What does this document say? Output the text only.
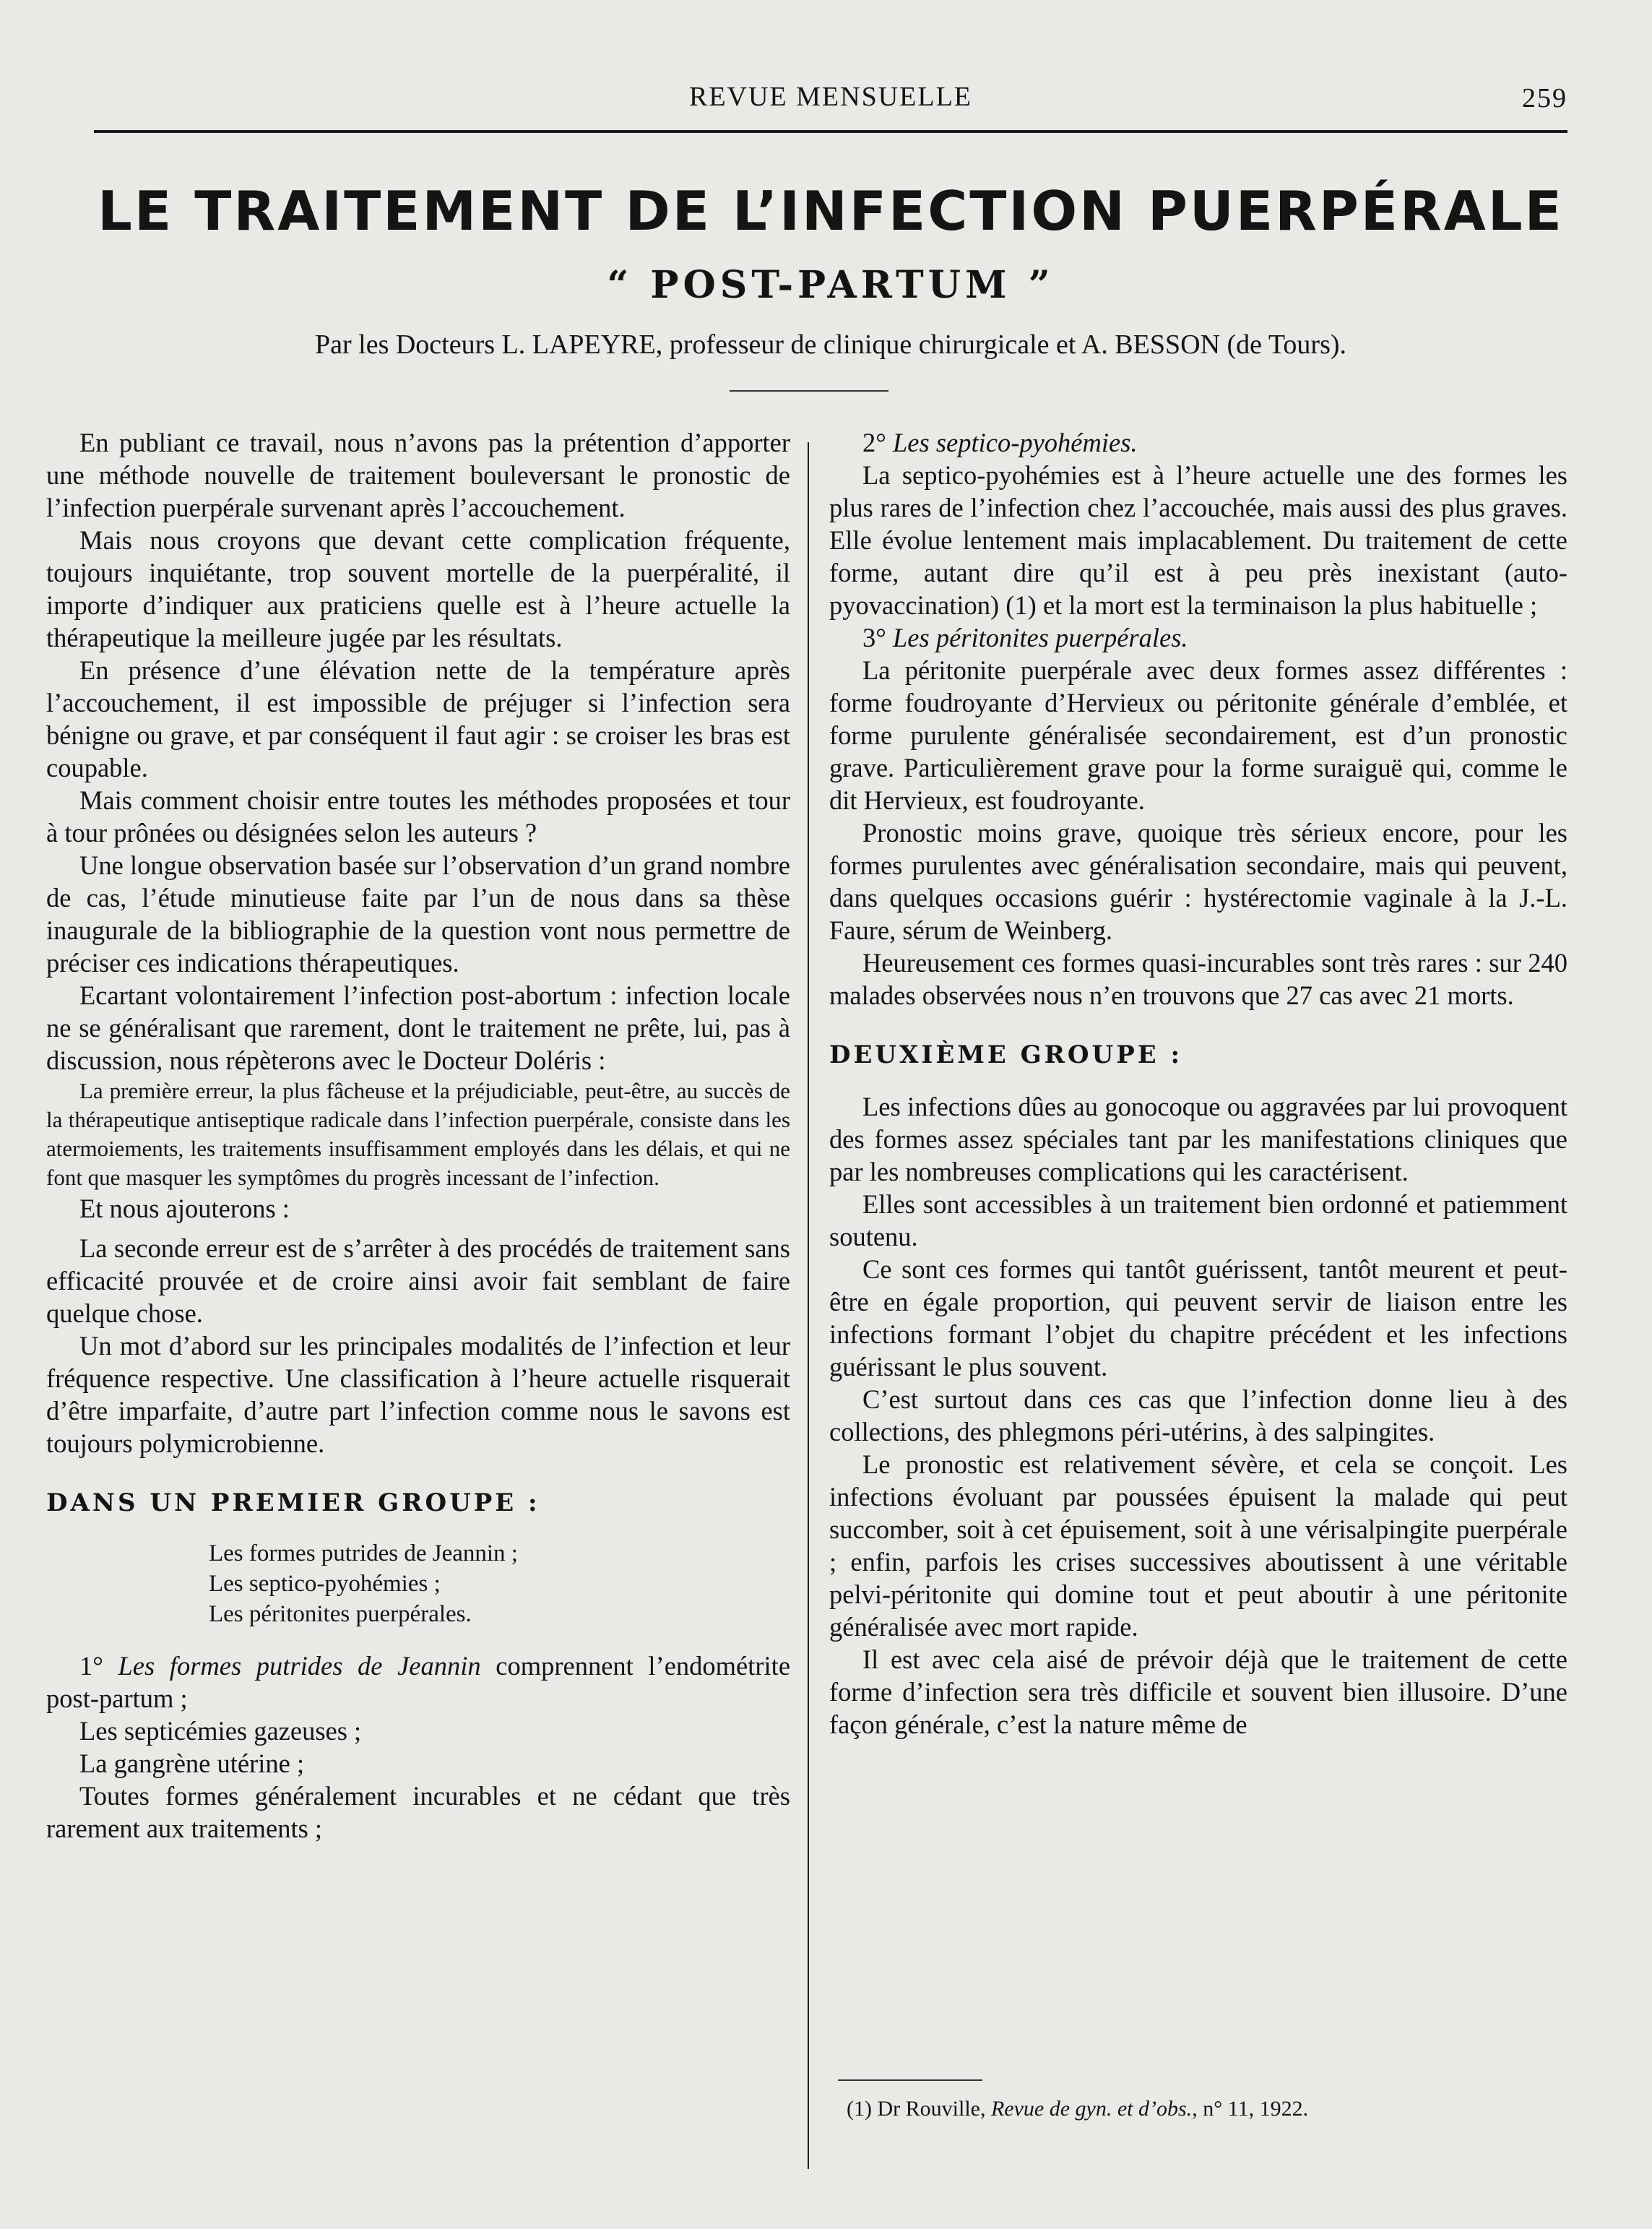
REVUE MENSUELLE	259
LE TRAITEMENT DE L’INFECTION PUERPÉRALE
“ POST-PARTUM ”
Par les Docteurs L. LAPEYRE, professeur de clinique chirurgicale et A. BESSON (de Tours).

En publiant ce travail, nous n’avons pas la prétention d’apporter une méthode nouvelle de traitement bouleversant le pronostic de l’infection puerpérale survenant après l’accouchement.

Mais nous croyons que devant cette complication fréquente, toujours inquiétante, trop souvent mortelle de la puerpéralité, il importe d’indiquer aux praticiens quelle est à l’heure actuelle la thérapeutique la meilleure jugée par les résultats.

En présence d’une élévation nette de la température après l’accouchement, il est impossible de préjuger si l’infection sera bénigne ou grave, et par conséquent il faut agir : se croiser les bras est coupable.

Mais comment choisir entre toutes les méthodes proposées et tour à tour prônées ou désignées selon les auteurs ?

Une longue observation basée sur l’observation d’un grand nombre de cas, l’étude minutieuse faite par l’un de nous dans sa thèse inaugurale de la bibliographie de la question vont nous permettre de préciser ces indications thérapeutiques.

Ecartant volontairement l’infection post-abortum : infection locale ne se généralisant que rarement, dont le traitement ne prête, lui, pas à discussion, nous répèterons avec le Docteur Doléris :

La première erreur, la plus fâcheuse et la préjudiciable, peut-être, au succès de la thérapeutique antiseptique radicale dans l’infection puerpérale, consiste dans les atermoiements, les traitements insuffisamment employés dans les délais, et qui ne font que masquer les symptômes du progrès incessant de l’infection.

Et nous ajouterons :

La seconde erreur est de s’arrêter à des procédés de traitement sans efficacité prouvée et de croire ainsi avoir fait semblant de faire quelque chose.

Un mot d’abord sur les principales modalités de l’infection et leur fréquence respective. Une classification à l’heure actuelle risquerait d’être imparfaite, d’autre part l’infection comme nous le savons est toujours polymicrobienne.

DANS UN PREMIER GROUPE :
Les formes putrides de Jeannin ;
Les septico-pyohémies ;
Les péritonites puerpérales.

1° Les formes putrides de Jeannin comprennent l’endométrite post-partum ;

Les septicémies gazeuses ;

La gangrène utérine ;

Toutes formes généralement incurables et ne cédant que très rarement aux traitements ;

2° Les septico-pyohémies.

La septico-pyohémies est à l’heure actuelle une des formes les plus rares de l’infection chez l’accouchée, mais aussi des plus graves. Elle évolue lentement mais implacablement. Du traitement de cette forme, autant dire qu’il est à peu près inexistant (auto-pyovaccination) (1) et la mort est la terminaison la plus habituelle ;

3° Les péritonites puerpérales.

La péritonite puerpérale avec deux formes assez différentes : forme foudroyante d’Hervieux ou péritonite générale d’emblée, et forme purulente généralisée secondairement, est d’un pronostic grave. Particulièrement grave pour la forme suraiguë qui, comme le dit Hervieux, est foudroyante.

Pronostic moins grave, quoique très sérieux encore, pour les formes purulentes avec généralisation secondaire, mais qui peuvent, dans quelques occasions guérir : hystérectomie vaginale à la J.-L. Faure, sérum de Weinberg.

Heureusement ces formes quasi-incurables sont très rares : sur 240 malades observées nous n’en trouvons que 27 cas avec 21 morts.

DEUXIÈME GROUPE :

Les infections dûes au gonocoque ou aggravées par lui provoquent des formes assez spéciales tant par les manifestations cliniques que par les nombreuses complications qui les caractérisent.

Elles sont accessibles à un traitement bien ordonné et patiemment soutenu.

Ce sont ces formes qui tantôt guérissent, tantôt meurent et peut-être en égale proportion, qui peuvent servir de liaison entre les infections formant l’objet du chapitre précédent et les infections guérissant le plus souvent.

C’est surtout dans ces cas que l’infection donne lieu à des collections, des phlegmons péri-utérins, à des salpingites.

Le pronostic est relativement sévère, et cela se conçoit. Les infections évoluant par poussées épuisent la malade qui peut succomber, soit à cet épuisement, soit à une vérisalpingite puerpérale ; enfin, parfois les crises successives aboutissent à une véritable pelvi-péritonite qui domine tout et peut aboutir à une péritonite généralisée avec mort rapide.

Il est avec cela aisé de prévoir déjà que le traitement de cette forme d’infection sera très difficile et souvent bien illusoire. D’une façon générale, c’est la nature même de

(1) Dr Rouville, Revue de gyn. et d’obs., n° 11, 1922.
